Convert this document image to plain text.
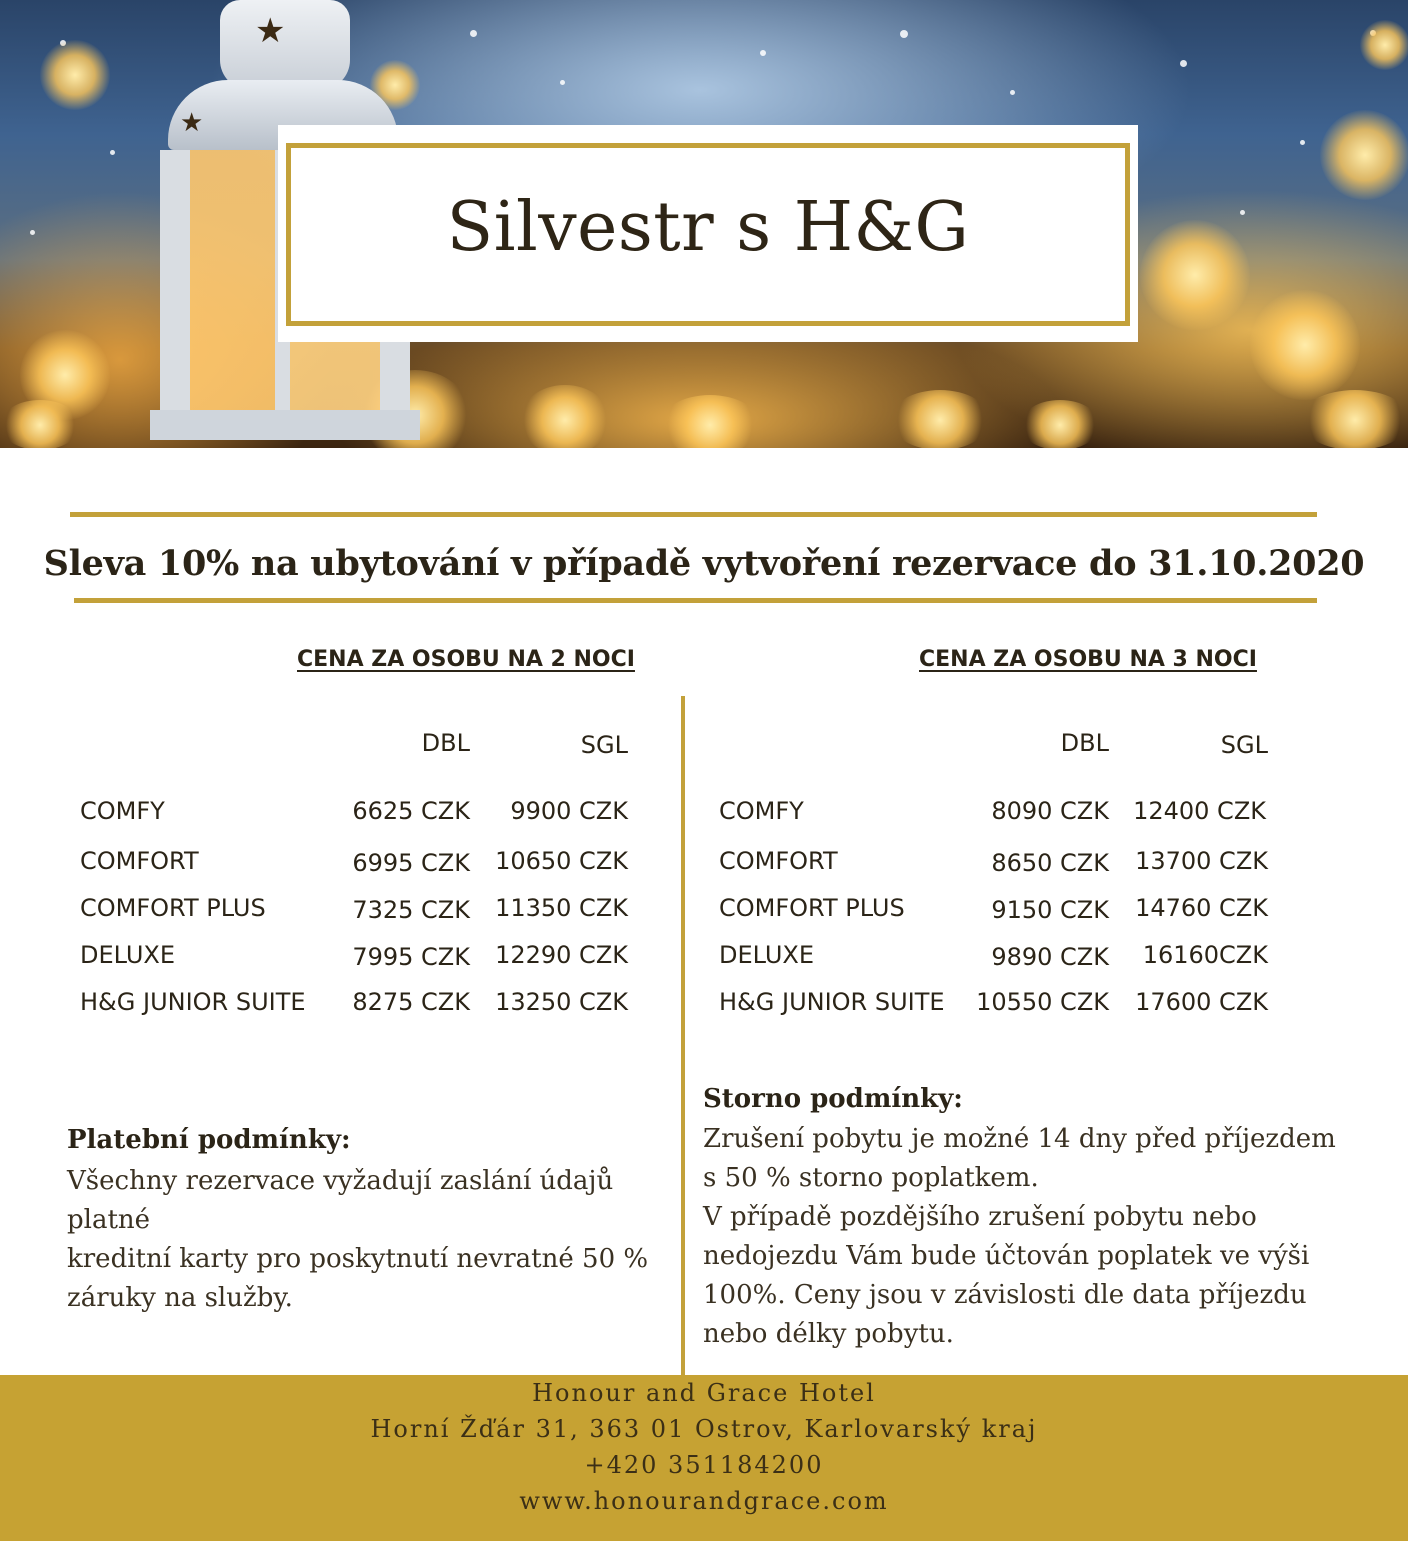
★
★
Silvestr s H&G
Sleva 10% na ubytování v případě vytvoření rezervace do 31.10.2020
CENA ZA OSOBU NA 2 NOCI
DBL	SGL
COMFY	6625 CZK	9900 CZK
COMFORT	6995 CZK	10650 CZK
COMFORT PLUS	7325 CZK	11350 CZK
DELUXE	7995 CZK	12290 CZK
H&G JUNIOR SUITE	8275 CZK	13250 CZK
CENA ZA OSOBU NA 3 NOCI
DBL	SGL
COMFY	8090 CZK	12400 CZK
COMFORT	8650 CZK	13700 CZK
COMFORT PLUS	9150 CZK	14760 CZK
DELUXE	9890 CZK	16160CZK
H&G JUNIOR SUITE	10550 CZK	17600 CZK
Platební podmínky:
Všechny rezervace vyžadují zaslání údajů platné
kreditní karty pro poskytnutí nevratné 50 %
záruky na služby.
Storno podmínky:
Zrušení pobytu je možné 14 dny před příjezdem
s 50 % storno poplatkem.
V případě pozdějšího zrušení pobytu nebo
nedojezdu Vám bude účtován poplatek ve výši
100%. Ceny jsou v závislosti dle data příjezdu
nebo délky pobytu.
Honour and Grace Hotel
Horní Žďár 31, 363 01 Ostrov, Karlovarský kraj
+420 351184200
www.honourandgrace.com
